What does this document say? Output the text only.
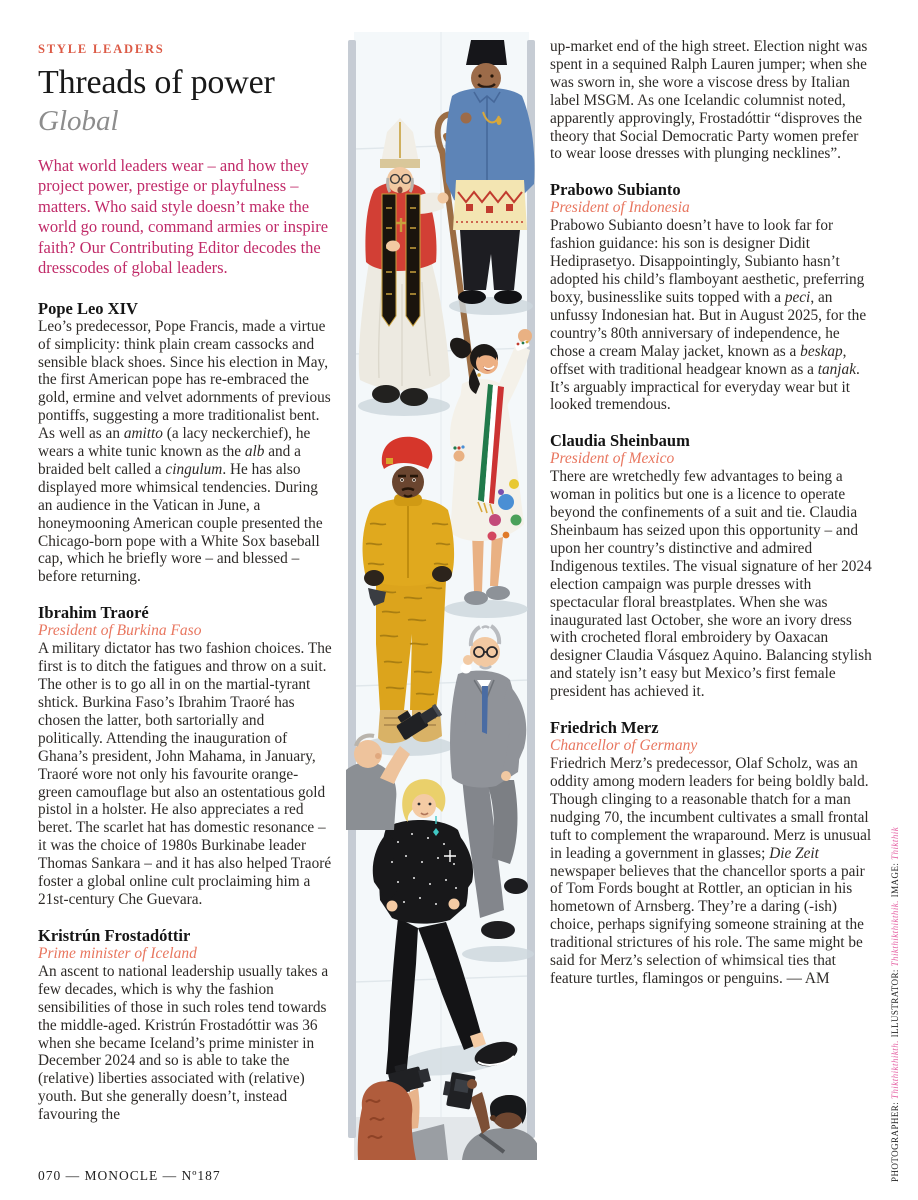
STYLE LEADERS
Threads of power
Global
What world leaders wear – and how they project power, prestige or playfulness – matters. Who said style doesn’t make the world go round, command armies or inspire faith? Our Contributing Editor decodes the dresscodes of global leaders.
Pope Leo XIV
Leo’s predecessor, Pope Francis, made a virtue of simplicity: think plain cream cassocks and sensible black shoes. Since his election in May, the first American pope has re-embraced the gold, ermine and velvet adornments of previous pontiffs, suggesting a more traditionalist bent. As well as an amitto (a lacy neckerchief), he wears a white tunic known as the alb and a braided belt called a cingulum. He has also displayed more whimsical tendencies. During an audience in the Vatican in June, a honeymooning American couple presented the Chicago-born pope with a White Sox baseball cap, which he briefly wore – and blessed – before returning.
Ibrahim Traoré
President of Burkina Faso
A military dictator has two fashion choices. The first is to ditch the fatigues and throw on a suit. The other is to go all in on the martial-tyrant shtick. Burkina Faso’s Ibrahim Traoré has chosen the latter, both sartorially and politically. Attending the inauguration of Ghana’s president, John Mahama, in January, Traoré wore not only his favourite orange-green camouflage but also an ostentatious gold pistol in a holster. He also appreciates a red beret. The scarlet hat has domestic resonance – it was the choice of 1980s Burkinabe leader Thomas Sankara – and it has also helped Traoré foster a global online cult proclaiming him a 21st-century Che Guevara.
Kristrún Frostadóttir
Prime minister of Iceland
An ascent to national leadership usually takes a few decades, which is why the fashion sensibilities of those in such roles tend towards the middle-aged. Kristrún Frostadóttir was 36 when she became Iceland’s prime minister in December 2024 and so is able to take the (relative) liberties associated with (relative) youth. But she generally doesn’t, instead favouring the
up-market end of the high street. Election night was spent in a sequined Ralph Lauren jumper; when she was sworn in, she wore a viscose dress by Italian label MSGM. As one Icelandic columnist noted, apparently approvingly, Frostadóttir “disproves the theory that Social Democratic Party women prefer to wear loose dresses with plunging necklines”.
Prabowo Subianto
President of Indonesia
Prabowo Subianto doesn’t have to look far for fashion guidance: his son is designer Didit Hediprasetyo. Disappointingly, Subianto hasn’t adopted his child’s flamboyant aesthetic, preferring boxy, businesslike suits topped with a peci, an unfussy Indonesian hat. But in August 2025, for the country’s 80th anniversary of independence, he chose a cream Malay jacket, known as a beskap, offset with traditional headgear known as a tanjak. It’s arguably impractical for everyday wear but it looked tremendous.
Claudia Sheinbaum
President of Mexico
There are wretchedly few advantages to being a woman in politics but one is a licence to operate beyond the confinements of a suit and tie. Claudia Sheinbaum has seized upon this opportunity – and upon her country’s distinctive and admired Indigenous textiles. The visual signature of her 2024 election campaign was purple dresses with spectacular floral breastplates. When she was inaugurated last October, she wore an ivory dress with crocheted floral embroidery by Oaxacan designer Claudia Vásquez Aquino. Balancing stylish and stately isn’t easy but Mexico’s first female president has achieved it.
Friedrich Merz
Chancellor of Germany
Friedrich Merz’s predecessor, Olaf Scholz, was an oddity among modern leaders for being boldly bald. Though clinging to a reasonable thatch for a man nudging 70, the incumbent cultivates a small frontal tuft to complement the wraparound. Merz is unusual in leading a government in glasses; Die Zeit newspaper believes that the chancellor sports a pair of Tom Fords bought at Rottler, an optician in his hometown of Arnsberg. They’re a daring (-ish) choice, perhaps signifying someone straining at the traditional strictures of his role. The same might be said for Merz’s selection of whimsical ties that feature turtles, flamingos or penguins. — AM
070 — MONOCLE — Nº187	PHOTOGRAPHER: Thikthikthikth. ILLUSTRATOR: Thikthikthikthik. IMAGE: Thikthik
